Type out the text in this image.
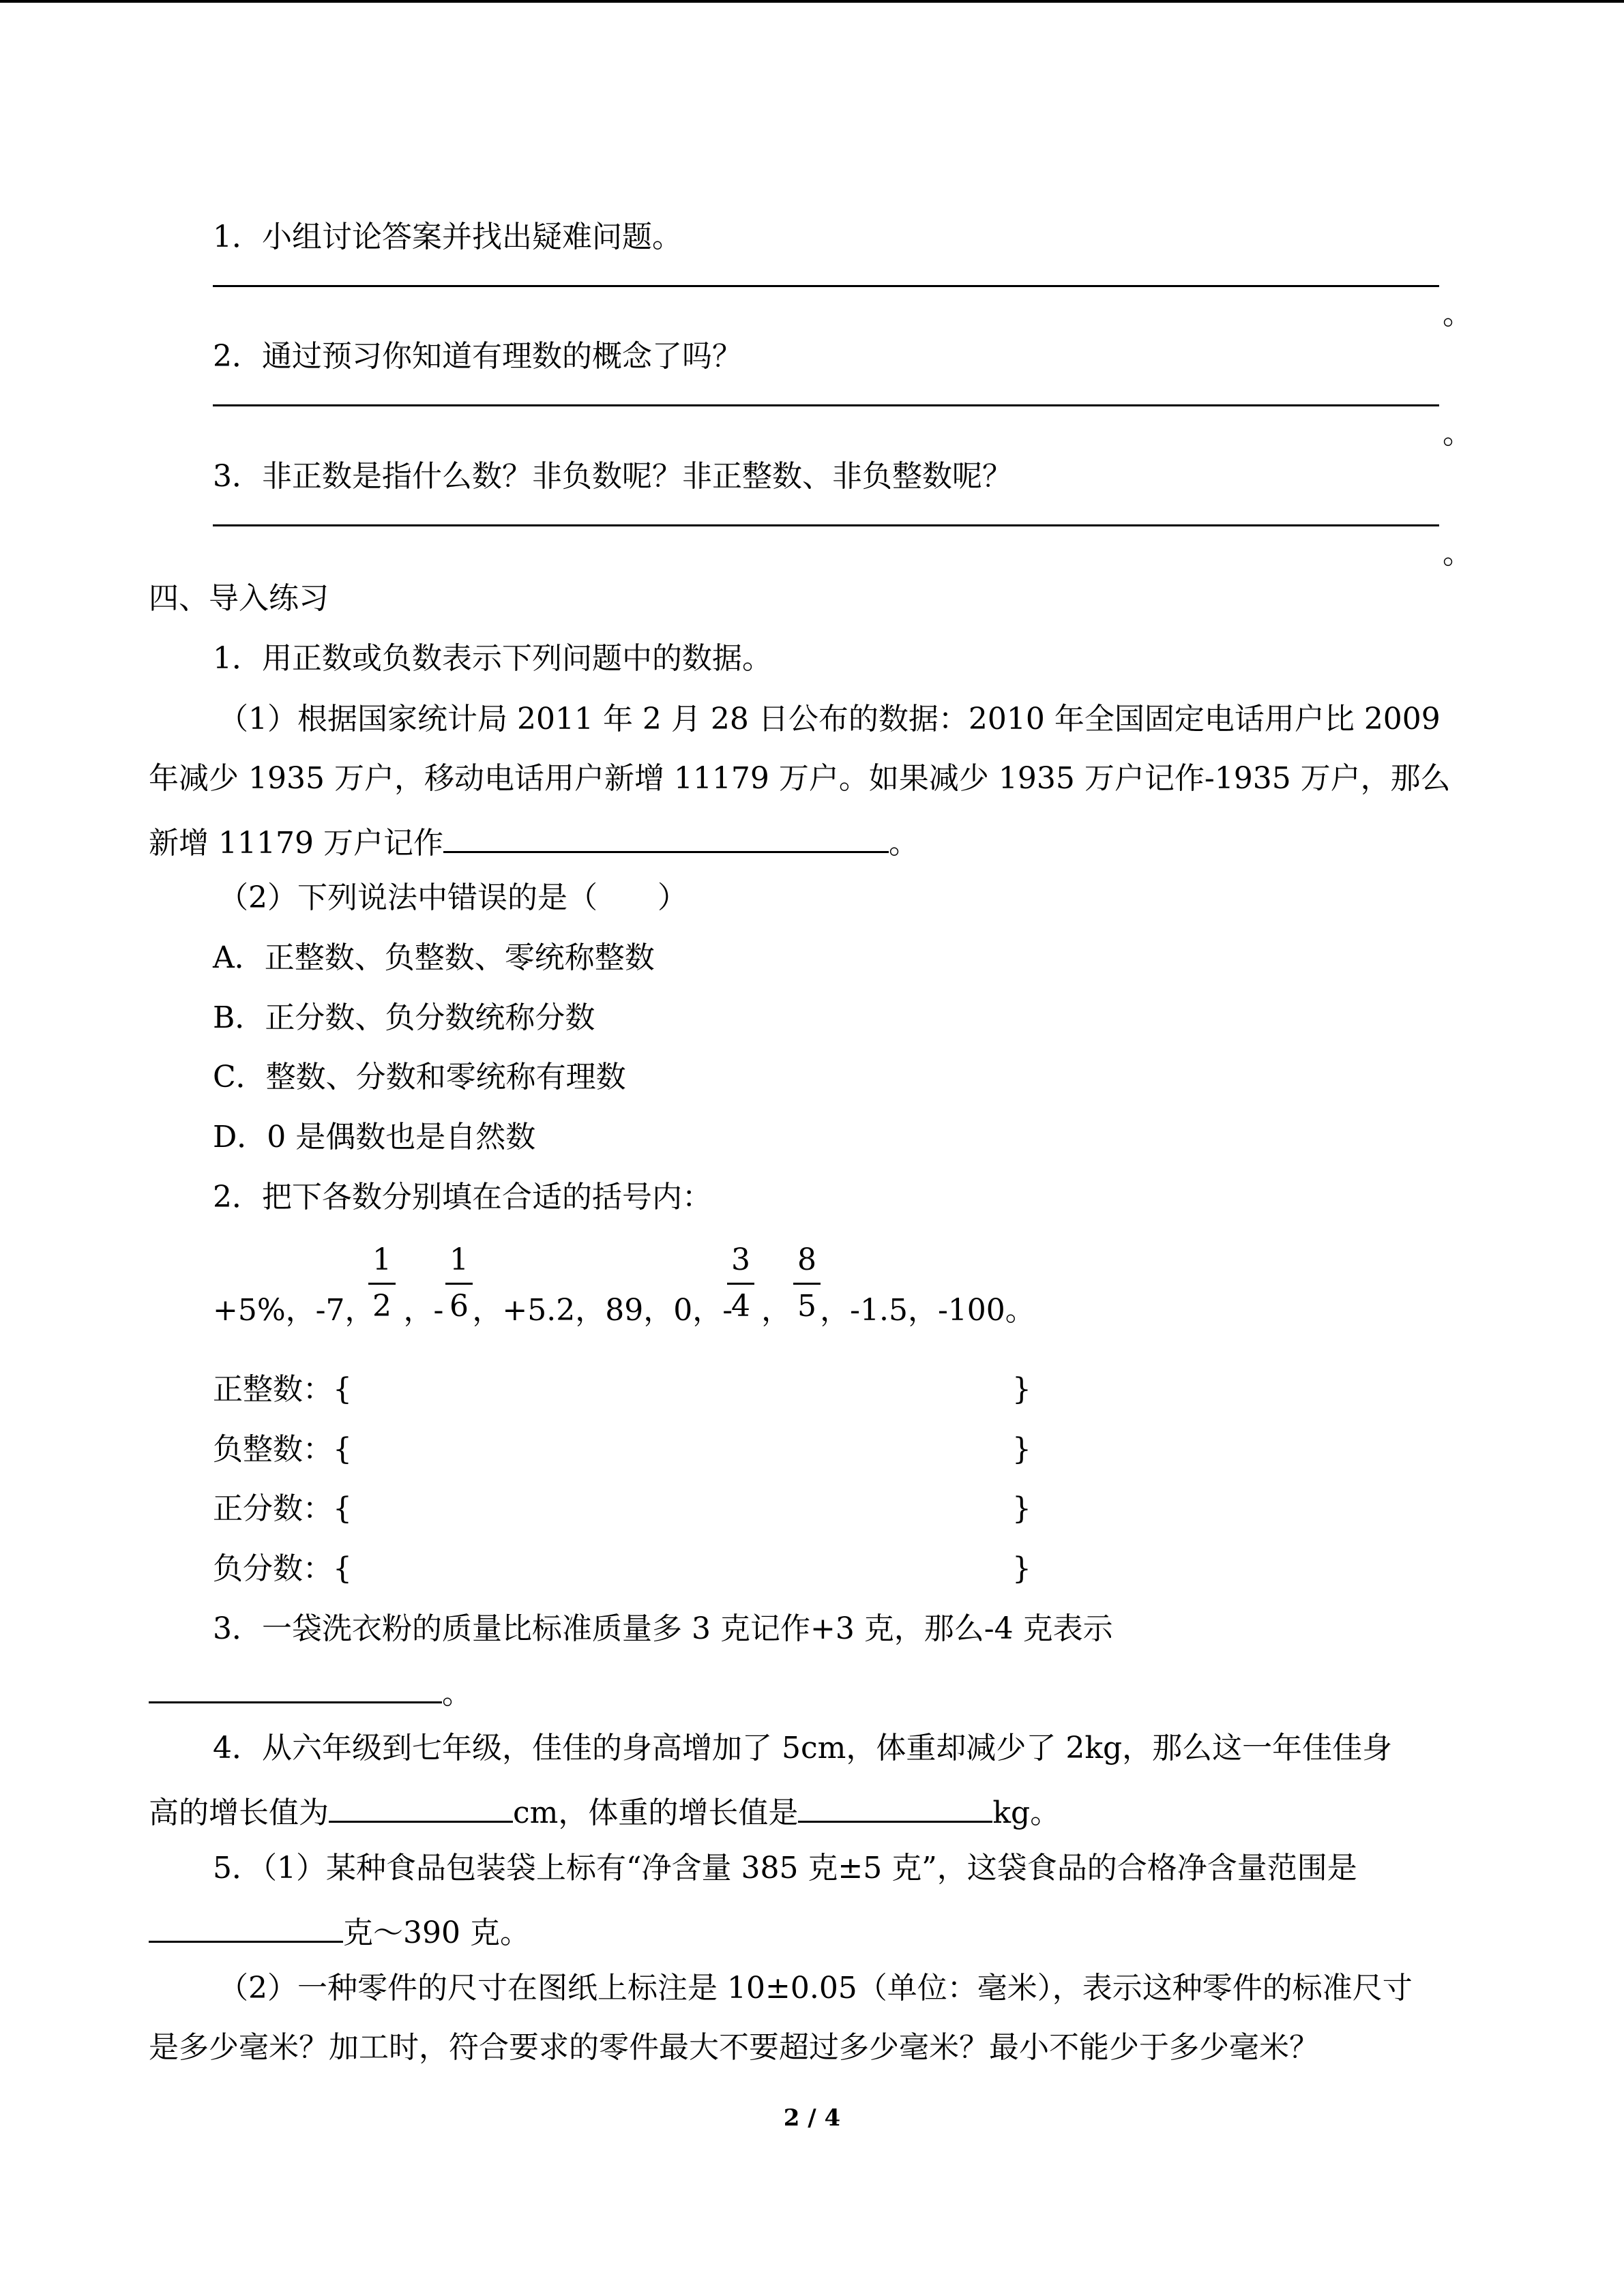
1．小组讨论答案并找出疑难问题。
。
2．通过预习你知道有理数的概念了吗？
。
3．非正数是指什么数？非负数呢？非正整数、非负整数呢？
。
四、导入练习
1．用正数或负数表示下列问题中的数据。
（1）根据国家统计局 2011 年 2 月 28 日公布的数据：2010 年全国固定电话用户比 2009
年减少 1935 万户，移动电话用户新增 11179 万户。如果减少 1935 万户记作-1935 万户，那么
新增 11179 万户记作	。
（2）下列说法中错误的是（　　）
A．正整数、负整数、零统称整数
B．正分数、负分数统称分数
C．整数、分数和零统称有理数
D．0 是偶数也是自然数
2．把下各数分别填在合适的括号内：
+5%，-7， ，- ，+5.2，89，0，- ， ，-1.5，-100。
1
2
1
6
3
4
8
5
正整数：{	}
负整数：{	}
正分数：{	}
负分数：{	}
3．一袋洗衣粉的质量比标准质量多 3 克记作+3 克，那么-4 克表示
。
4．从六年级到七年级，佳佳的身高增加了 5cm，体重却减少了 2kg，那么这一年佳佳身
高的增长值为	cm，体重的增长值是	kg。
5．（1）某种食品包装袋上标有“净含量 385 克±5 克”，这袋食品的合格净含量范围是
克～390 克。
（2）一种零件的尺寸在图纸上标注是 10±0.05（单位：毫米），表示这种零件的标准尺寸
是多少毫米？加工时，符合要求的零件最大不要超过多少毫米？最小不能少于多少毫米？
2 / 4
